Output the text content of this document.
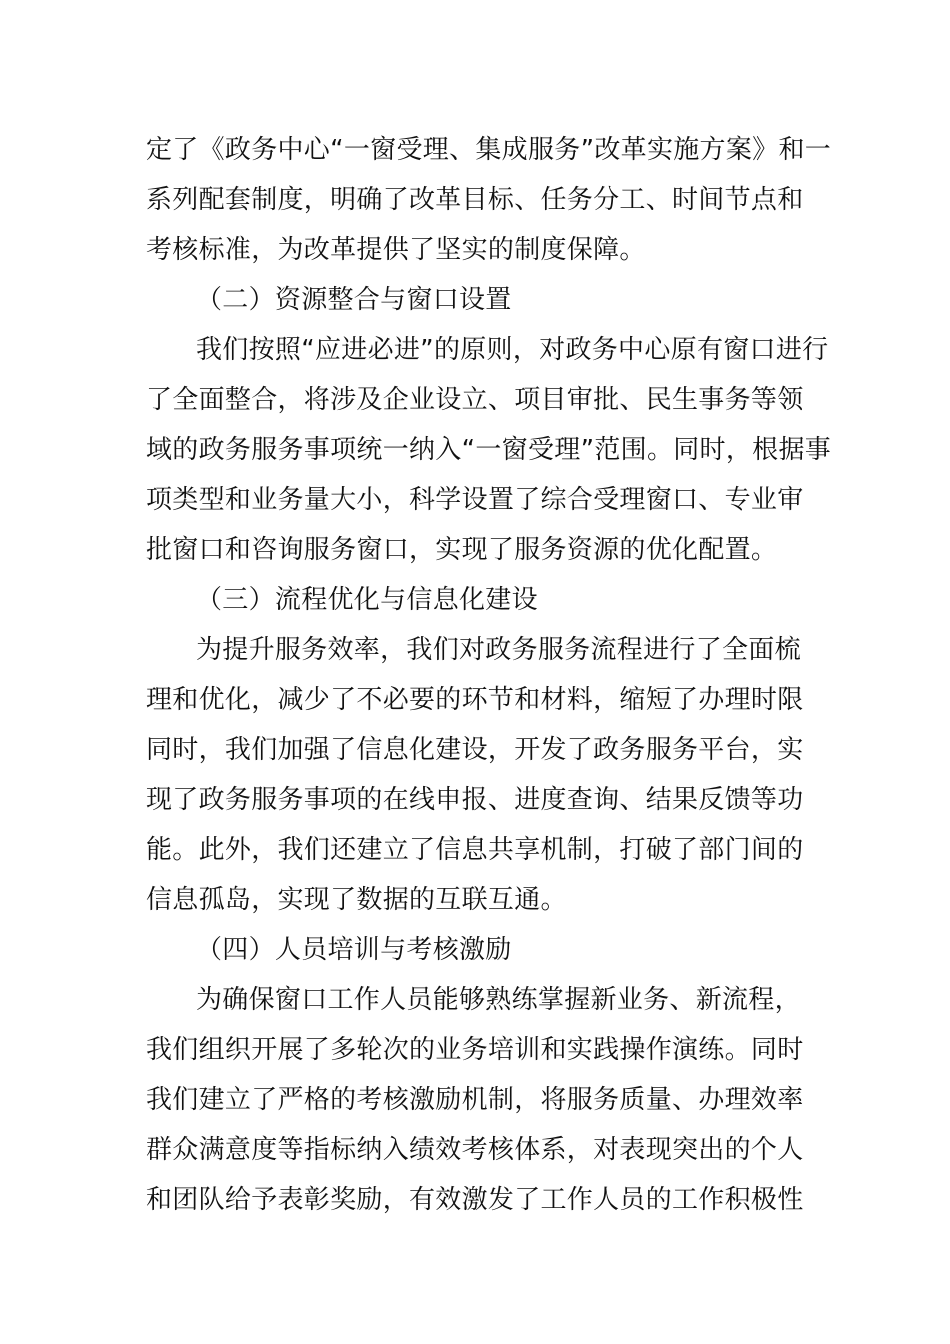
定了《政务中心“一窗受理、集成服务”改革实施方案》和一
系列配套制度，明确了改革目标、任务分工、时间节点和
考核标准，为改革提供了坚实的制度保障。
（二）资源整合与窗口设置
我们按照“应进必进”的原则，对政务中心原有窗口进行
了全面整合，将涉及企业设立、项目审批、民生事务等领
域的政务服务事项统一纳入“一窗受理”范围。同时，根据事
项类型和业务量大小，科学设置了综合受理窗口、专业审
批窗口和咨询服务窗口，实现了服务资源的优化配置。
（三）流程优化与信息化建设
为提升服务效率，我们对政务服务流程进行了全面梳
理和优化，减少了不必要的环节和材料，缩短了办理时限
同时，我们加强了信息化建设，开发了政务服务平台，实
现了政务服务事项的在线申报、进度查询、结果反馈等功
能。此外，我们还建立了信息共享机制，打破了部门间的
信息孤岛，实现了数据的互联互通。
（四）人员培训与考核激励
为确保窗口工作人员能够熟练掌握新业务、新流程，
我们组织开展了多轮次的业务培训和实践操作演练。同时
我们建立了严格的考核激励机制，将服务质量、办理效率
群众满意度等指标纳入绩效考核体系，对表现突出的个人
和团队给予表彰奖励，有效激发了工作人员的工作积极性
